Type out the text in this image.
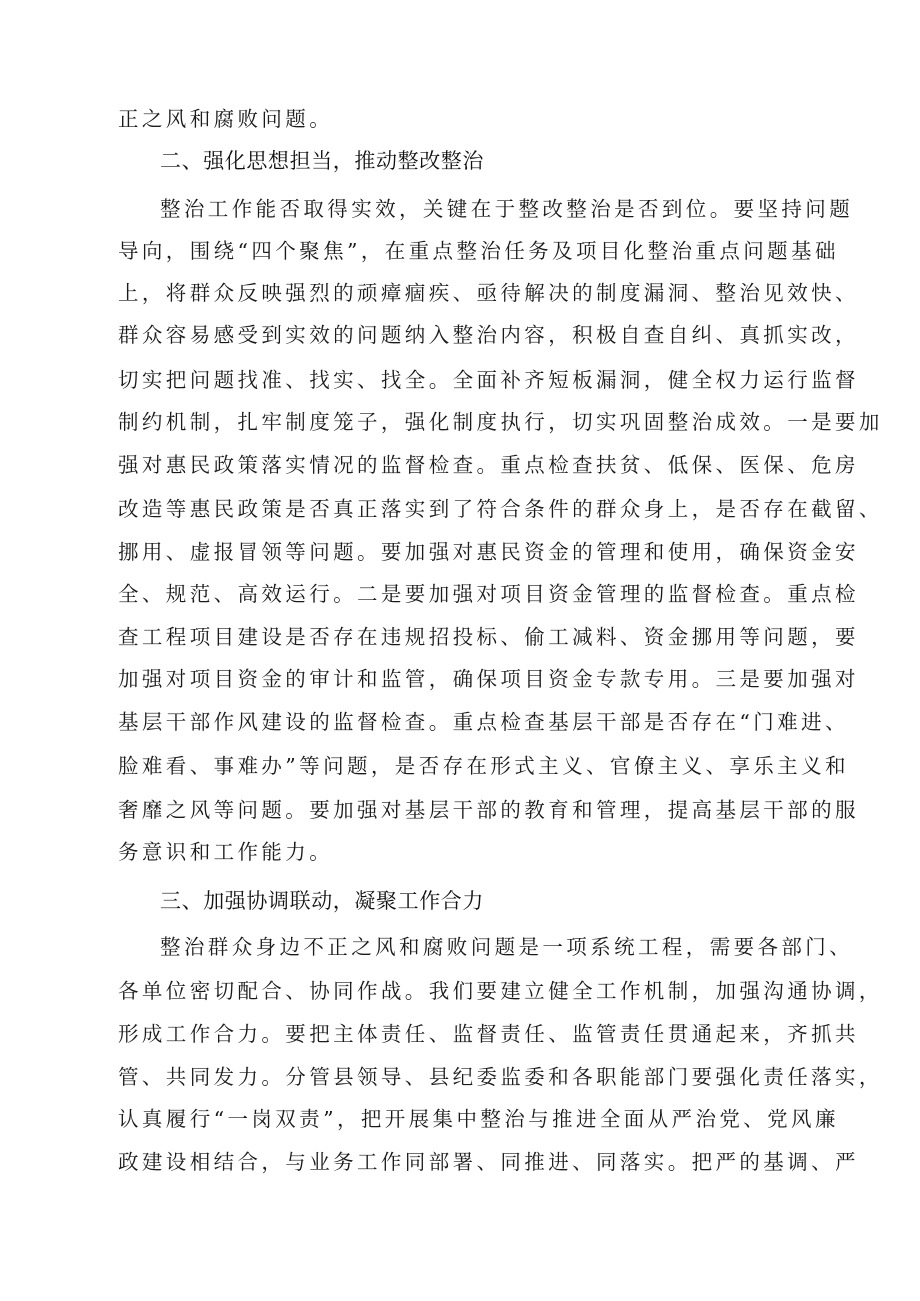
正之风和腐败问题。
二、强化思想担当，推动整改整治
整治工作能否取得实效，关键在于整改整治是否到位。要坚持问题
导向，围绕“四个聚焦”，在重点整治任务及项目化整治重点问题基础
上，将群众反映强烈的顽瘴痼疾、亟待解决的制度漏洞、整治见效快、
群众容易感受到实效的问题纳入整治内容，积极自查自纠、真抓实改，
切实把问题找准、找实、找全。全面补齐短板漏洞，健全权力运行监督
制约机制，扎牢制度笼子，强化制度执行，切实巩固整治成效。一是要加
强对惠民政策落实情况的监督检查。重点检查扶贫、低保、医保、危房
改造等惠民政策是否真正落实到了符合条件的群众身上，是否存在截留、
挪用、虚报冒领等问题。要加强对惠民资金的管理和使用，确保资金安
全、规范、高效运行。二是要加强对项目资金管理的监督检查。重点检
查工程项目建设是否存在违规招投标、偷工减料、资金挪用等问题，要
加强对项目资金的审计和监管，确保项目资金专款专用。三是要加强对
基层干部作风建设的监督检查。重点检查基层干部是否存在“门难进、
脸难看、事难办”等问题，是否存在形式主义、官僚主义、享乐主义和
奢靡之风等问题。要加强对基层干部的教育和管理，提高基层干部的服
务意识和工作能力。
三、加强协调联动，凝聚工作合力
整治群众身边不正之风和腐败问题是一项系统工程，需要各部门、
各单位密切配合、协同作战。我们要建立健全工作机制，加强沟通协调，
形成工作合力。要把主体责任、监督责任、监管责任贯通起来，齐抓共
管、共同发力。分管县领导、县纪委监委和各职能部门要强化责任落实，
认真履行“一岗双责”，把开展集中整治与推进全面从严治党、党风廉
政建设相结合，与业务工作同部署、同推进、同落实。把严的基调、严
